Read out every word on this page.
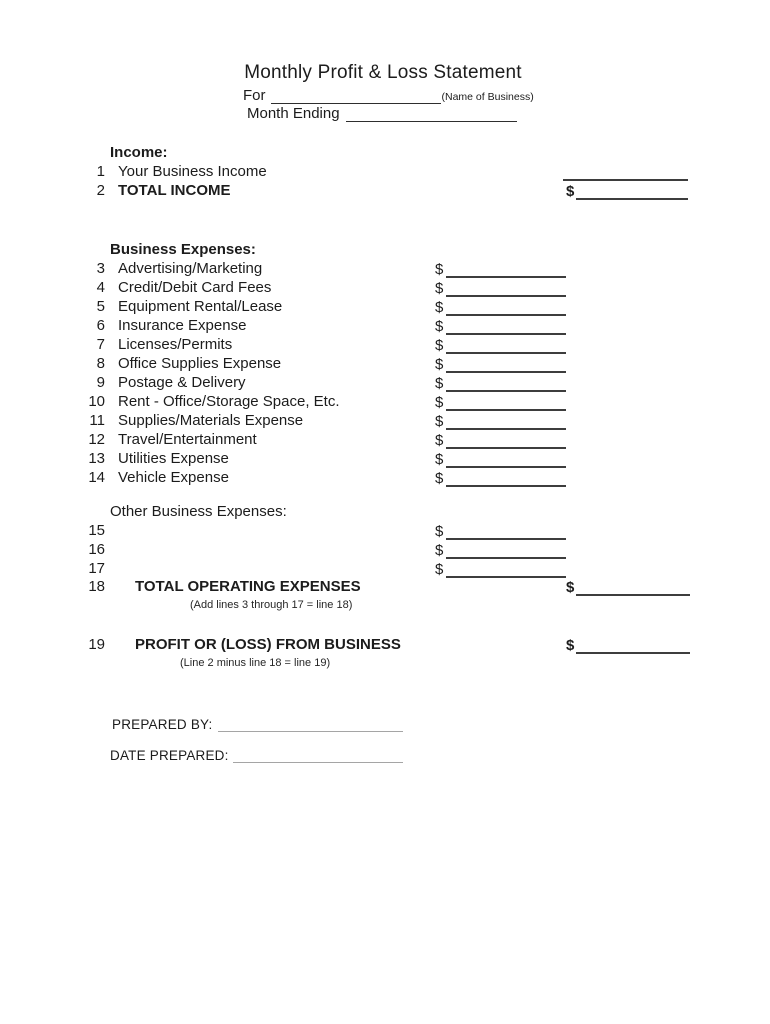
Monthly Profit & Loss Statement
For	(Name of Business)
Month Ending
Income:
1 Your Business Income
2 TOTAL INCOME	$
Business Expenses:
3 Advertising/Marketing	$
4 Credit/Debit Card Fees	$
5 Equipment Rental/Lease	$
6 Insurance Expense	$
7 Licenses/Permits	$
8 Office Supplies Expense	$
9 Postage & Delivery	$
10 Rent - Office/Storage Space, Etc.	$
11 Supplies/Materials Expense	$
12 Travel/Entertainment	$
13 Utilities Expense	$
14 Vehicle Expense	$
Other Business Expenses:
15	$
16	$
17	$
18 TOTAL OPERATING EXPENSES	$
(Add lines 3 through 17 = line 18)
19 PROFIT OR (LOSS) FROM BUSINESS	$
(Line 2 minus line 18 = line 19)
PREPARED BY:
DATE PREPARED:
